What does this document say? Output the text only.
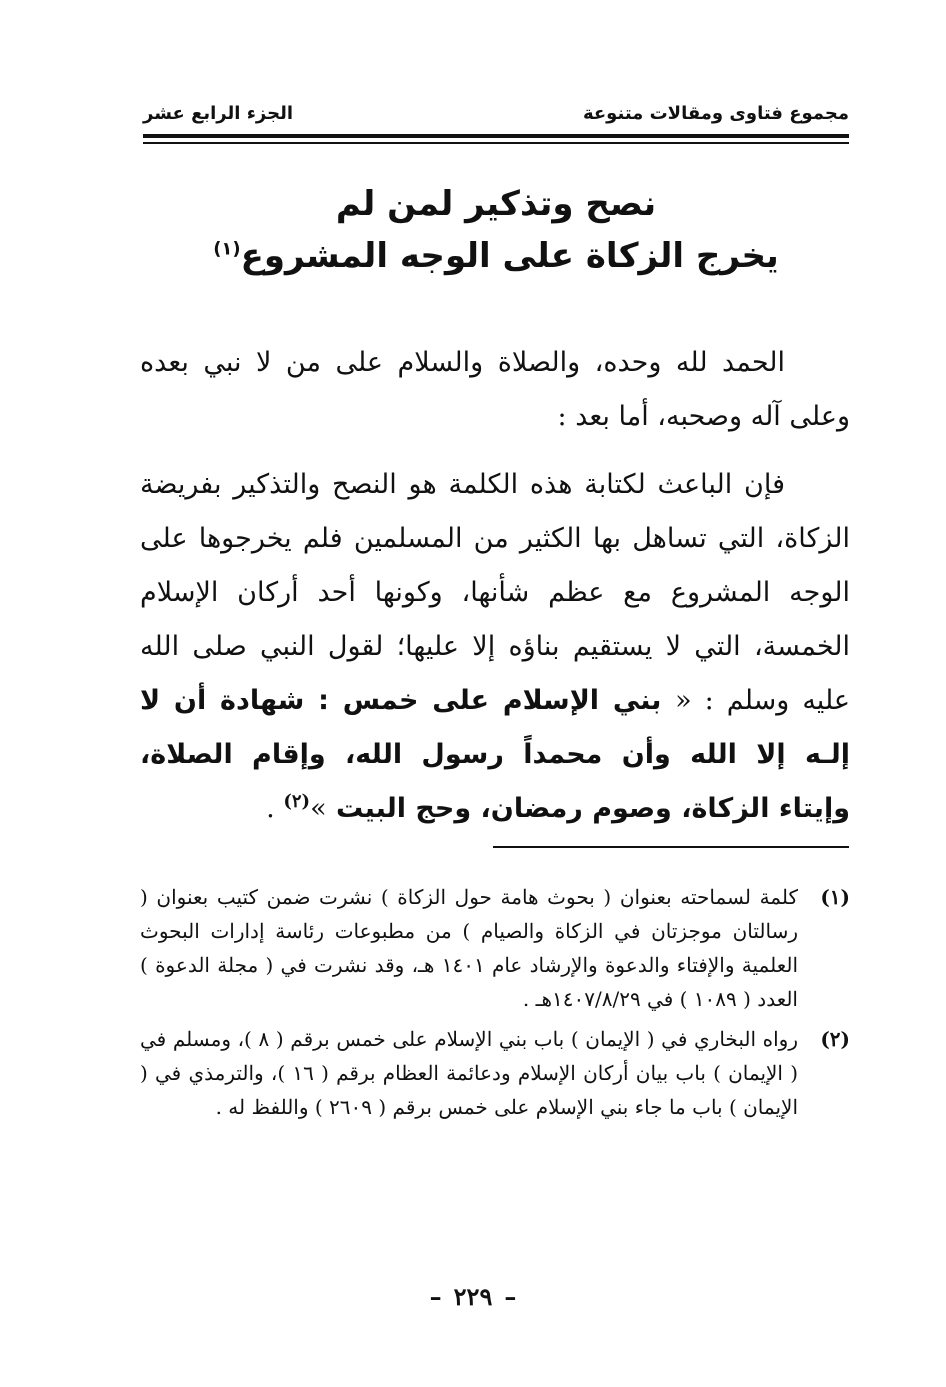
مجموع فتاوى ومقالات متنوعة
الجزء الرابع عشر
نصح وتذكير لمن لم
يخرج الزكاة على الوجه المشروع$^{(١)}$

الحمد لله وحده، والصلاة والسلام على من لا نبي بعده وعلى آله وصحبه، أما بعد :

فإن الباعث لكتابة هذه الكلمة هو النصح والتذكير بفريضة الزكاة، التي تساهل بها الكثير من المسلمين فلم يخرجوها على الوجه المشروع مع عظم شأنها، وكونها أحد أركان الإسلام الخمسة، التي لا يستقيم بناؤه إلا عليها؛ لقول النبي صلى الله عليه وسلم : « بني الإسلام على خمس : شهادة أن لا إلـه إلا الله وأن محمداً رسول الله، وإقام الصلاة، وإيتاء الزكاة، وصوم رمضان، وحج البيت »$^{(٢)}$ .

(١)
كلمة لسماحته بعنوان ( بحوث هامة حول الزكاة ) نشرت ضمن كتيب بعنوان ( رسالتان موجزتان في الزكاة والصيام ) من مطبوعات رئاسة إدارات البحوث العلمية والإفتاء والدعوة والإرشاد عام ١٤٠١ هـ، وقد نشرت في ( مجلة الدعوة ) العدد ( ١٠٨٩ ) في ١٤٠٧/٨/٢٩هـ .
(٢)
رواه البخاري في ( الإيمان ) باب بني الإسلام على خمس برقم ( ٨ )، ومسلم في ( الإيمان ) باب بيان أركان الإسلام ودعائمة العظام برقم ( ١٦ )، والترمذي في ( الإيمان ) باب ما جاء بني الإسلام على خمس برقم ( ٢٦٠٩ ) واللفظ له .
–٢٢٩–
